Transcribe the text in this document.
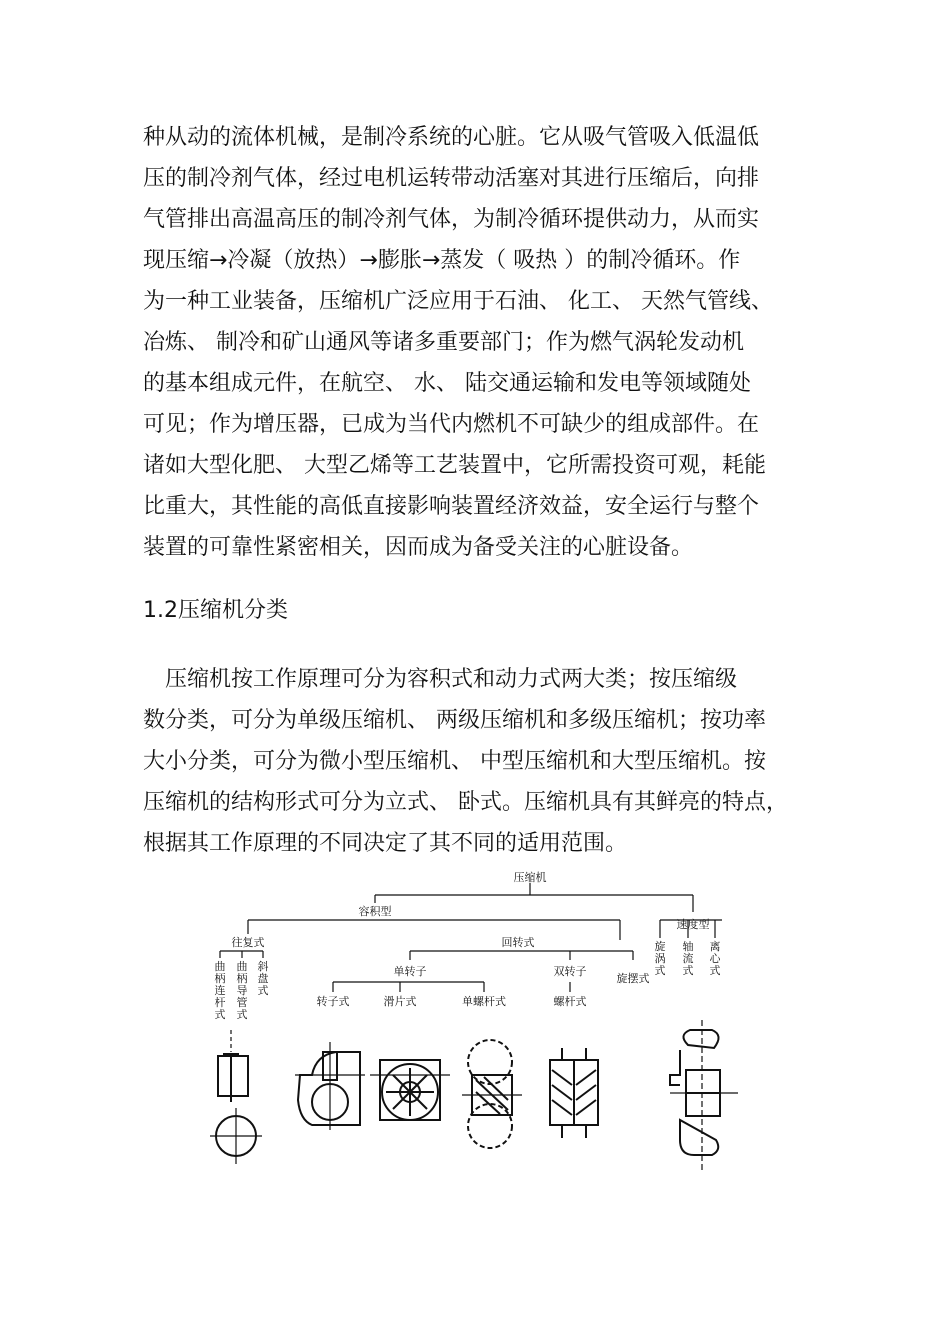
种从动的流体机械，是制冷系统的心脏。它从吸气管吸入低温低
压的制冷剂气体，经过电机运转带动活塞对其进行压缩后，向排
气管排出高温高压的制冷剂气体，为制冷循环提供动力，从而实
现压缩→冷凝（放热）→膨胀→蒸发（ 吸热 ）的制冷循环。作
为一种工业装备，压缩机广泛应用于石油、 化工、 天然气管线、
冶炼、 制冷和矿山通风等诸多重要部门；作为燃气涡轮发动机
的基本组成元件，在航空、 水、 陆交通运输和发电等领域随处
可见；作为增压器，已成为当代内燃机不可缺少的组成部件。在
诸如大型化肥、 大型乙烯等工艺装置中，它所需投资可观，耗能
比重大，其性能的高低直接影响装置经济效益，安全运行与整个
装置的可靠性紧密相关，因而成为备受关注的心脏设备。
1.2压缩机分类
　压缩机按工作原理可分为容积式和动力式两大类；按压缩级
数分类，可分为单级压缩机、 两级压缩机和多级压缩机；按功率
大小分类，可分为微小型压缩机、 中型压缩机和大型压缩机。按
压缩机的结构形式可分为立式、 卧式。压缩机具有其鲜亮的特点，
根据其工作原理的不同决定了其不同的适用范围。
压缩机
容积型
速度型
往复式	回转式
单转子	双转子
旋摆式
转子式	滑片式	单螺杆式	螺杆式
曲柄连杆式
曲柄导管式
斜盘式
旋涡式
轴流式
离心式
